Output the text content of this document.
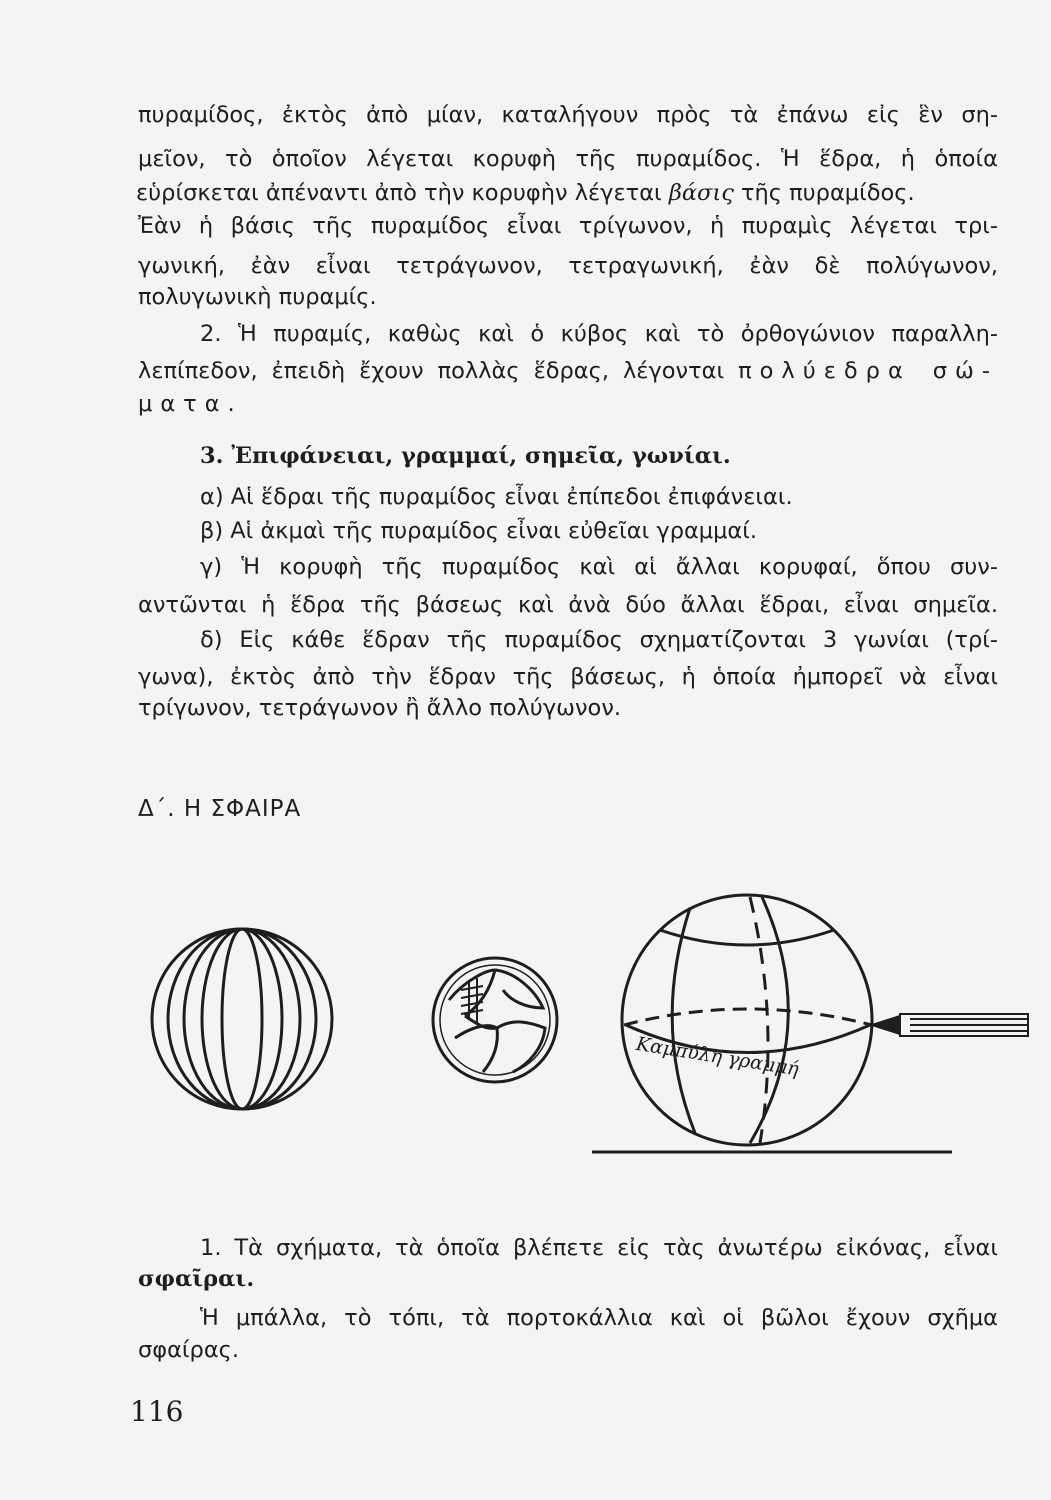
πυραμίδος, ἐκτὸς ἀπὸ μίαν, καταλήγουν πρὸς τὰ ἐπάνω εἰς ἓν ση-

μεῖον, τὸ ὁποῖον λέγεται κορυφὴ τῆς πυραμίδος. Ἡ ἕδρα, ἡ ὁποία

εὑρίσκεται ἀπέναντι ἀπὸ τὴν κορυφὴν λέγεται βάσις τῆς πυραμίδος.

Ἐὰν ἡ βάσις τῆς πυραμίδος εἶναι τρίγωνον, ἡ πυραμὶς λέγεται τρι-

γωνική, ἐὰν εἶναι τετράγωνον, τετραγωνική, ἐὰν δὲ πολύγωνον,

πολυγωνικὴ πυραμίς.

2. Ἡ πυραμίς, καθὼς καὶ ὁ κύβος καὶ τὸ ὀρθογώνιον παραλλη-

λεπίπεδον, ἐπειδὴ ἔχουν πολλὰς ἕδρας, λέγονται πολύεδρα σώ-

ματα.

3. Ἐπιφάνειαι, γραμμαί, σημεῖα, γωνίαι.

α) Αἱ ἕδραι τῆς πυραμίδος εἶναι ἐπίπεδοι ἐπιφάνειαι.

β) Αἱ ἀκμαὶ τῆς πυραμίδος εἶναι εὐθεῖαι γραμμαί.

γ) Ἡ κορυφὴ τῆς πυραμίδος καὶ αἱ ἄλλαι κορυφαί, ὅπου συν-

αντῶνται ἡ ἕδρα τῆς βάσεως καὶ ἀνὰ δύο ἄλλαι ἕδραι, εἶναι σημεῖα.

δ) Εἰς κάθε ἕδραν τῆς πυραμίδος σχηματίζονται 3 γωνίαι (τρί-

γωνα), ἐκτὸς ἀπὸ τὴν ἕδραν τῆς βάσεως, ἡ ὁποία ἠμπορεῖ νὰ εἶναι

τρίγωνον, τετράγωνον ἢ ἄλλο πολύγωνον.

Δ΄. Η ΣΦΑΙΡΑ
Καμπύλη γραμμή

1. Τὰ σχήματα, τὰ ὁποῖα βλέπετε εἰς τὰς ἀνωτέρω εἰκόνας, εἶναι

σφαῖραι.

Ἡ μπάλλα, τὸ τόπι, τὰ πορτοκάλλια καὶ οἱ βῶλοι ἔχουν σχῆμα

σφαίρας.

116
